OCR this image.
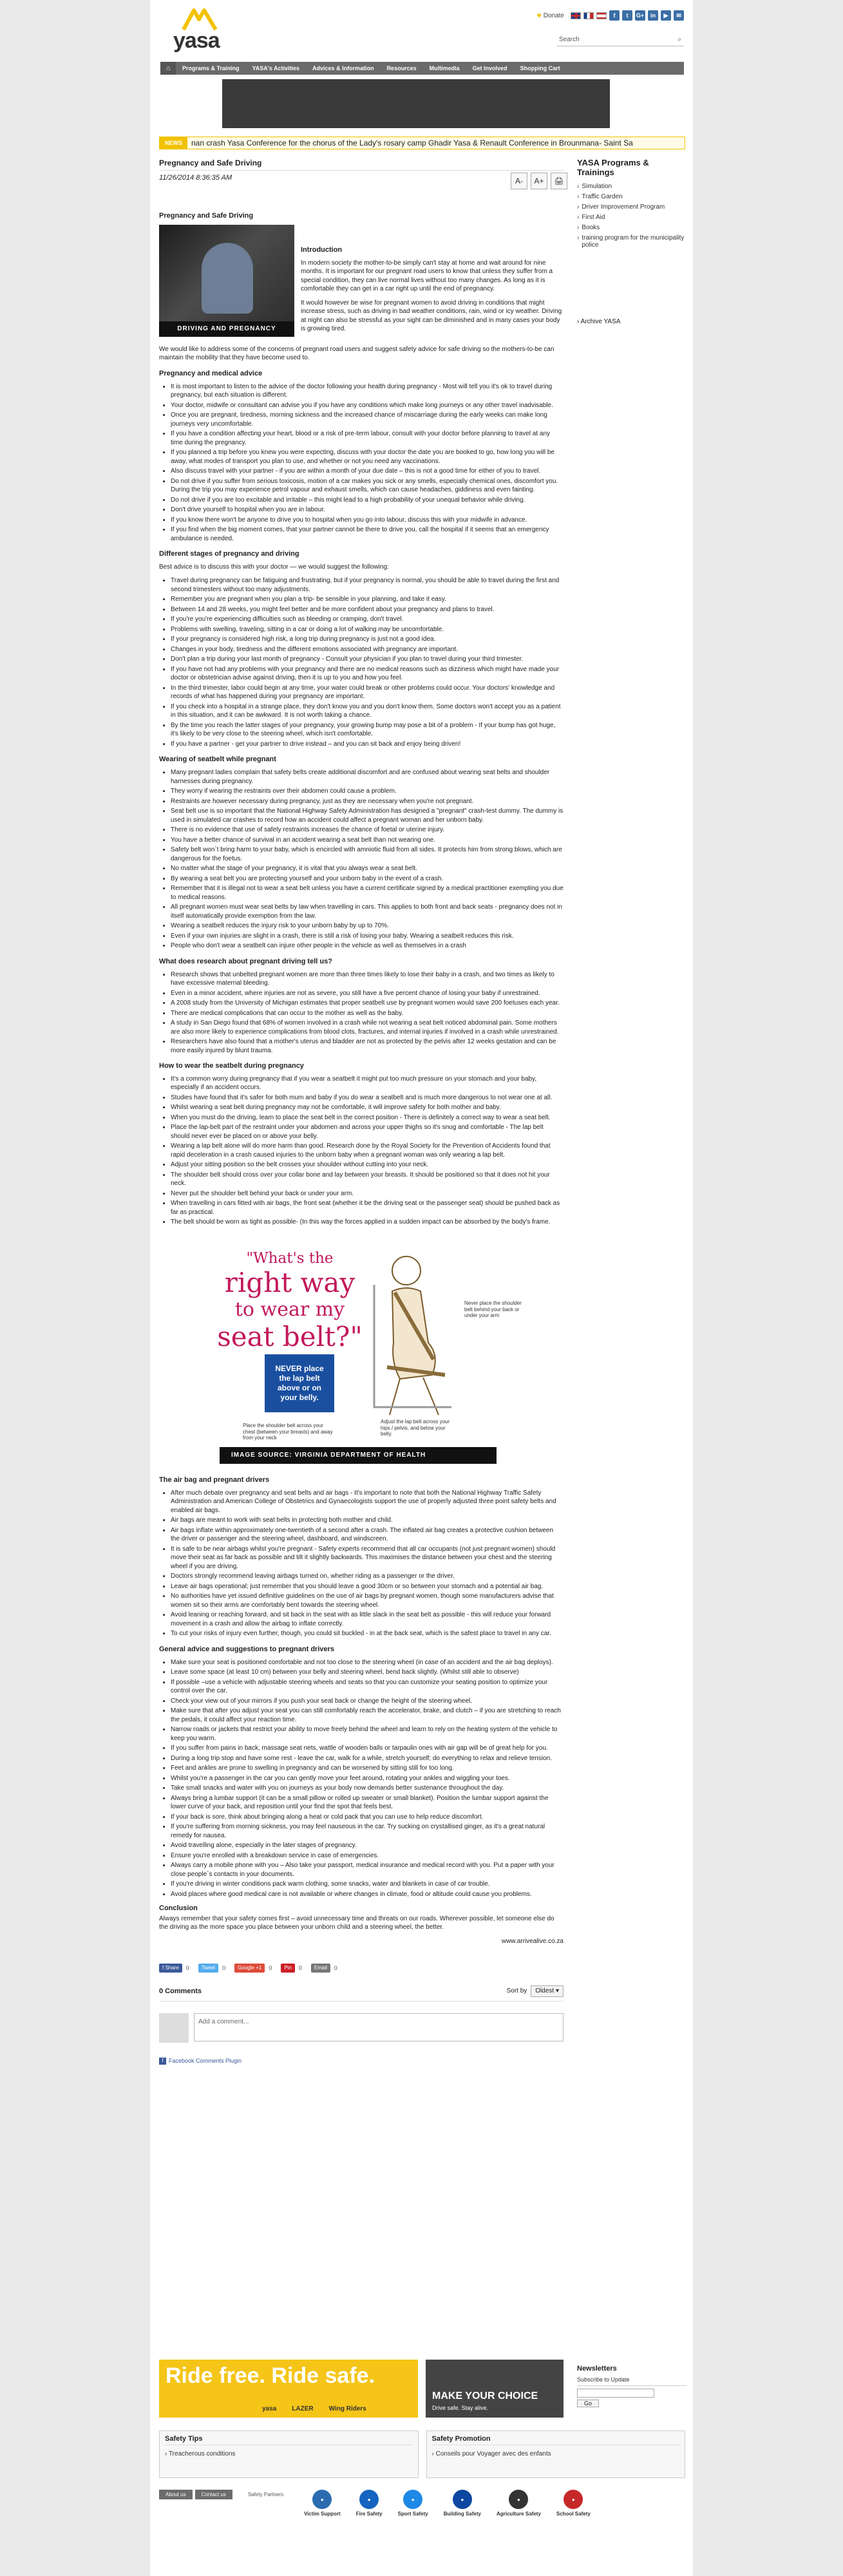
yasa
♥ Donate	f	t	G+	in	▶	✉
Search	⌕
⌂	Programs & Training	YASA's Activities	Advices & Information	Resources	Multimedia	Get Involved	Shopping Cart
NEWS	nan crash Yasa Conference for the chorus of the Lady's rosary camp Ghadir Yasa & Renault Conference in Brounmana- Saint Sa
Pregnancy and Safe Driving
11/26/2014 8:36:35 AM	A-	A+	🖨
Pregnancy and Safe Driving
DRIVING AND PREGNANCY
Introduction

In modern society the mother-to-be simply can't stay at home and wait around for nine months. It is important for our pregnant road users to know that unless they suffer from a special condition, they can live normal lives without too many changes. As long as it is comfortable they can get in a car right up until the end of pregnancy.

It would however be wise for pregnant women to avoid driving in conditions that might increase stress, such as driving in bad weather conditions, rain, wind or icy weather. Driving at night can also be stressful as your sight can be diminished and in many cases your body is growing tired.

We would like to address some of the concerns of pregnant road users and suggest safety advice for safe driving so the mothers-to-be can maintain the mobility that they have become used to.

Pregnancy and medical advice
• It is most important to listen to the advice of the doctor following your health during pregnancy - Most will tell you it's ok to travel during pregnancy, but each situation is different.
• Your doctor, midwife or consultant can advise you if you have any conditions which make long journeys or any other travel inadvisable.
• Once you are pregnant, tiredness, morning sickness and the increased chance of miscarriage during the early weeks can make long journeys very uncomfortable.
• If you have a condition affecting your heart, blood or a risk of pre-term labour, consult with your doctor before planning to travel at any time during the pregnancy.
• If you planned a trip before you knew you were expecting, discuss with your doctor the date you are booked to go, how long you will be away, what modes of transport you plan to use, and whether or not you need any vaccinations.
• Also discuss travel with your partner - if you are within a month of your due date – this is not a good time for either of you to travel.
• Do not drive if you suffer from serious toxicosis, motion of a car makes you sick or any smells, especially chemical ones, discomfort you. During the trip you may experience petrol vapour and exhaust smells, which can cause headaches, giddiness and even fainting.
• Do not drive if you are too excitable and irritable – this might lead to a high probability of your unequal behavior while driving.
• Don't drive yourself to hospital when you are in labour.
• If you know there won't be anyone to drive you to hospital when you go into labour, discuss this with your midwife in advance.
• If you find when the big moment comes, that your partner cannot be there to drive you, call the hospital if it seems that an emergency ambulance is needed.
Different stages of pregnancy and driving

Best advice is to discuss this with your doctor — we would suggest the following:

• Travel during pregnancy can be fatiguing and frustrating, but if your pregnancy is normal, you should be able to travel during the first and second trimesters without too many adjustments.
• Remember you are pregnant when you plan a trip- be sensible in your planning, and take it easy.
• Between 14 and 28 weeks, you might feel better and be more confident about your pregnancy and plans to travel.
• If you're you're experiencing difficulties such as bleeding or cramping, don't travel.
• Problems with swelling, traveling, sitting in a car or doing a lot of walking may be uncomfortable.
• If your pregnancy is considered high risk, a long trip during pregnancy is just not a good idea.
• Changes in your body, tiredness and the different emotions associated with pregnancy are important.
• Don't plan a trip during your last month of pregnancy - Consult your physician if you plan to travel during your third trimester.
• If you have not had any problems with your pregnancy and there are no medical reasons such as dizziness which might have made your doctor or obstetrician advise against driving, then it is up to you and how you feel.
• In the third trimester, labor could begin at any time, your water could break or other problems could occur. Your doctors' knowledge and records of what has happened during your pregnancy are important.
• If you check into a hospital in a strange place, they don't know you and you don't know them. Some doctors won't accept you as a patient in this situation, and it can be awkward. It is not worth taking a chance.
• By the time you reach the latter stages of your pregnancy, your growing bump may pose a bit of a problem - If your bump has got huge, it's likely to be very close to the steering wheel, which isn't comfortable.
• If you have a partner - get your partner to drive instead – and you can sit back and enjoy being driven!
Wearing of seatbelt while pregnant
• Many pregnant ladies complain that safety belts create additional discomfort and are confused about wearing seat belts and shoulder harnesses during pregnancy.
• They worry if wearing the restraints over their abdomen could cause a problem.
• Restraints are however necessary during pregnancy, just as they are necessary when you're not pregnant.
• Seat belt use is so important that the National Highway Safety Administration has designed a "pregnant" crash-test dummy. The dummy is used in simulated car crashes to record how an accident could affect a pregnant woman and her unborn baby.
• There is no evidence that use of safety restraints increases the chance of foetal or uterine injury.
• You have a better chance of survival in an accident wearing a seat belt than not wearing one.
• Safety belt won`t bring harm to your baby, which is encircled with amniotic fluid from all sides. It protects him from strong blows, which are dangerous for the foetus.
• No matter what the stage of your pregnancy, it is vital that you always wear a seat belt.
• By wearing a seat belt you are protecting yourself and your unborn baby in the event of a crash.
• Remember that it is illegal not to wear a seat belt unless you have a current certificate signed by a medical practitioner exempting you due to medical reasons.
• All pregnant women must wear seat belts by law when travelling in cars. This applies to both front and back seats - pregnancy does not in itself automatically provide exemption from the law.
• Wearing a seatbelt reduces the injury risk to your unborn baby by up to 70%.
• Even if your own injuries are slight in a crash, there is still a risk of losing your baby. Wearing a seatbelt reduces this risk.
• People who don't wear a seatbelt can injure other people in the vehicle as well as themselves in a crash
What does research about pregnant driving tell us?
• Research shows that unbelted pregnant women are more than three times likely to lose their baby in a crash, and two times as likely to have excessive maternal bleeding.
• Even in a minor accident, where injuries are not as severe, you still have a five percent chance of losing your baby if unrestrained.
• A 2008 study from the University of Michigan estimates that proper seatbelt use by pregnant women would save 200 foetuses each year.
• There are medical complications that can occur to the mother as well as the baby.
• A study in San Diego found that 68% of women involved in a crash while not wearing a seat belt noticed abdominal pain. Some mothers are also more likely to experience complications from blood clots, fractures, and internal injuries if involved in a crash while unrestrained.
• Researchers have also found that a mother's uterus and bladder are not as protected by the pelvis after 12 weeks gestation and can be more easily injured by blunt trauma.
How to wear the seatbelt during pregnancy
• It's a common worry during pregnancy that if you wear a seatbelt it might put too much pressure on your stomach and your baby, especially if an accident occurs.
• Studies have found that it's safer for both mum and baby if you do wear a seatbelt and is much more dangerous to not wear one at all.
• Whilst wearing a seat belt during pregnancy may not be comfortable, it will improve safety for both mother and baby.
• When you must do the driving, learn to place the seat belt in the correct position - There is definitely a correct way to wear a seat belt.
• Place the lap-belt part of the restraint under your abdomen and across your upper thighs so it's snug and comfortable - The lap belt should never ever be placed on or above your belly.
• Wearing a lap belt alone will do more harm than good. Research done by the Royal Society for the Prevention of Accidents found that rapid deceleration in a crash caused injuries to the unborn baby when a pregnant woman was only wearing a lap belt.
• Adjust your sitting position so the belt crosses your shoulder without cutting into your neck.
• The shoulder belt should cross over your collar bone and lay between your breasts. It should be positioned so that it does not hit your neck.
• Never put the shoulder belt behind your back or under your arm.
• When travelling in cars fitted with air bags, the front seat (whether it be the driving seat or the passenger seat) should be pushed back as far as practical.
• The belt should be worn as tight as possible- (In this way the forces applied in a sudden impact can be absorbed by the body's frame.
"What's the
right way
to wear my
seat belt?"
NEVER place the lap belt above or on your belly.
Never place the shoulder belt behind your back or under your arm
Place the shoulder belt across your chest (between your breasts) and away from your neck
Adjust the lap belt across your hips / pelvis, and below your belly.
IMAGE SOURCE: VIRGINIA DEPARTMENT OF HEALTH
The air bag and pregnant drivers
• After much debate over pregnancy and seat belts and air bags - It's important to note that both the National Highway Traffic Safety Administration and American College of Obstetrics and Gynaecologists support the use of properly adjusted three point safety belts and enabled air bags.
• Air bags are meant to work with seat belts in protecting both mother and child.
• Air bags inflate within approximately one-twentieth of a second after a crash. The inflated air bag creates a protective cushion between the driver or passenger and the steering wheel, dashboard, and windscreen.
• It is safe to be near airbags whilst you're pregnant - Safety experts recommend that all car occupants (not just pregnant women) should move their seat as far back as possible and tilt it slightly backwards. This maximises the distance between your chest and the steering wheel if you are driving.
• Doctors strongly recommend leaving airbags turned on, whether riding as a passenger or the driver.
• Leave air bags operational; just remember that you should leave a good 30cm or so between your stomach and a potential air bag.
• No authorities have yet issued definitive guidelines on the use of air bags by pregnant women, though some manufacturers advise that women sit so their arms are comfortably bent towards the steering wheel.
• Avoid leaning or reaching forward, and sit back in the seat with as little slack in the seat belt as possible - this will reduce your forward movement in a crash and allow the airbag to inflate correctly.
• To cut your risks of injury even further, though, you could sit buckled - in at the back seat, which is the safest place to travel in any car.
General advice and suggestions to pregnant drivers
• Make sure your seat is positioned comfortable and not too close to the steering wheel (in case of an accident and the air bag deploys).
• Leave some space (at least 10 cm) between your belly and steering wheel, bend back slightly. (Whilst still able to observe)
• If possible –use a vehicle with adjustable steering wheels and seats so that you can customize your seating position to optimize your control over the car.
• Check your view out of your mirrors if you push your seat back or change the height of the steering wheel.
• Make sure that after you adjust your seat you can still comfortably reach the accelerator, brake, and clutch – if you are stretching to reach the pedals, it could affect your reaction time.
• Narrow roads or jackets that restrict your ability to move freely behind the wheel and learn to rely on the heating system of the vehicle to keep you warm.
• If you suffer from pains in back, massage seat nets, wattle of wooden balls or tarpaulin ones with air gap will be of great help for you.
• During a long trip stop and have some rest - leave the car, walk for a while, stretch yourself; do everything to relax and relieve tension.
• Feet and ankles are prone to swelling in pregnancy and can be worsened by sitting still for too long.
• Whilst you're a passenger in the car you can gently move your feet around, rotating your ankles and wiggling your toes.
• Take small snacks and water with you on journeys as your body now demands better sustenance throughout the day.
• Always bring a lumbar support (it can be a small pillow or rolled up sweater or small blanket). Position the lumbar support against the lower curve of your back, and reposition until your find the spot that feels best.
• If your back is sore, think about bringing along a heat or cold pack that you can use to help reduce discomfort.
• If you're suffering from morning sickness, you may feel nauseous in the car. Try sucking on crystallised ginger, as it's a great natural remedy for nausea.
• Avoid travelling alone, especially in the later stages of pregnancy.
• Ensure you're enrolled with a breakdown service in case of emergencies.
• Always carry a mobile phone with you – Also take your passport, medical insurance and medical record with you. Put a paper with your close people`s contacts in your documents.
• If you're driving in winter conditions pack warm clothing, some snacks, water and blankets in case of car trouble.
• Avoid places where good medical care is not available or where changes in climate, food or altitude could cause you problems.
Conclusion

Always remember that your safety comes first – avoid unnecessary time and threats on our roads. Wherever possible, let someone else do the driving as the more space you place between your unborn child and a steering wheel, the better.

www.arrivealive.co.za
f Share	0	Tweet	0	Google +1	0	Pin	0	Email	0
0 Comments	Sort by	Oldest ▾
Add a comment...
f Facebook Comments Plugin
YASA Programs & Trainings
› Simulation
› Traffic Garden
› Driver Improvement Program
› First Aid
› Books
› training program for the municipality police
› Archive YASA
Ride free. Ride safe.
yasa LAZER Wing Riders
MAKE YOUR CHOICE
Drive safe. Stay alive.
Newsletters
Subscribe to Update
Go
Safety Tips
› Treacherous conditions
Safety Promotion
› Conseils pour Voyager avec des enfants
About us	Contact us	Safety Partners
●
Victim Support
●
Fire Safety
●
Sport Safety
●
Building Safety
●
Agriculture Safety
●
School Safety
